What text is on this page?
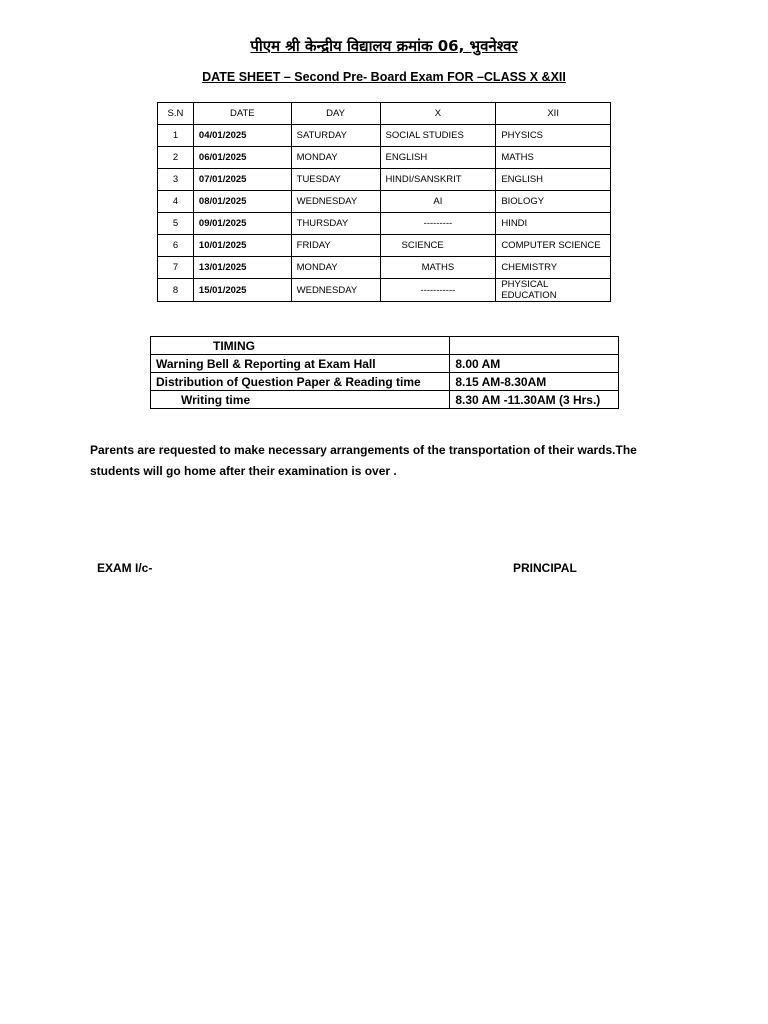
पीएम श्री केन्द्रीय विद्यालय क्रमांक 06, भुवनेश्वर
DATE SHEET – Second Pre- Board Exam FOR –CLASS X &XII
S.N	DATE	DAY	X	XII
1	04/01/2025	SATURDAY	SOCIAL STUDIES	PHYSICS
2	06/01/2025	MONDAY	ENGLISH	MATHS
3	07/01/2025	TUESDAY	HINDI/SANSKRIT	ENGLISH
4	08/01/2025	WEDNESDAY	AI	BIOLOGY
5	09/01/2025	THURSDAY	---------	HINDI
6	10/01/2025	FRIDAY	SCIENCE	COMPUTER SCIENCE
7	13/01/2025	MONDAY	MATHS	CHEMISTRY
8	15/01/2025	WEDNESDAY	-----------	PHYSICAL EDUCATION
TIMING	
Warning Bell & Reporting at Exam Hall	8.00 AM
Distribution of Question Paper & Reading time	8.15 AM-8.30AM
Writing time	8.30 AM -11.30AM (3 Hrs.)
Parents are requested to make necessary arrangements of the transportation of their wards.The students will go home after their examination is over .
EXAM I/c-	PRINCIPAL
